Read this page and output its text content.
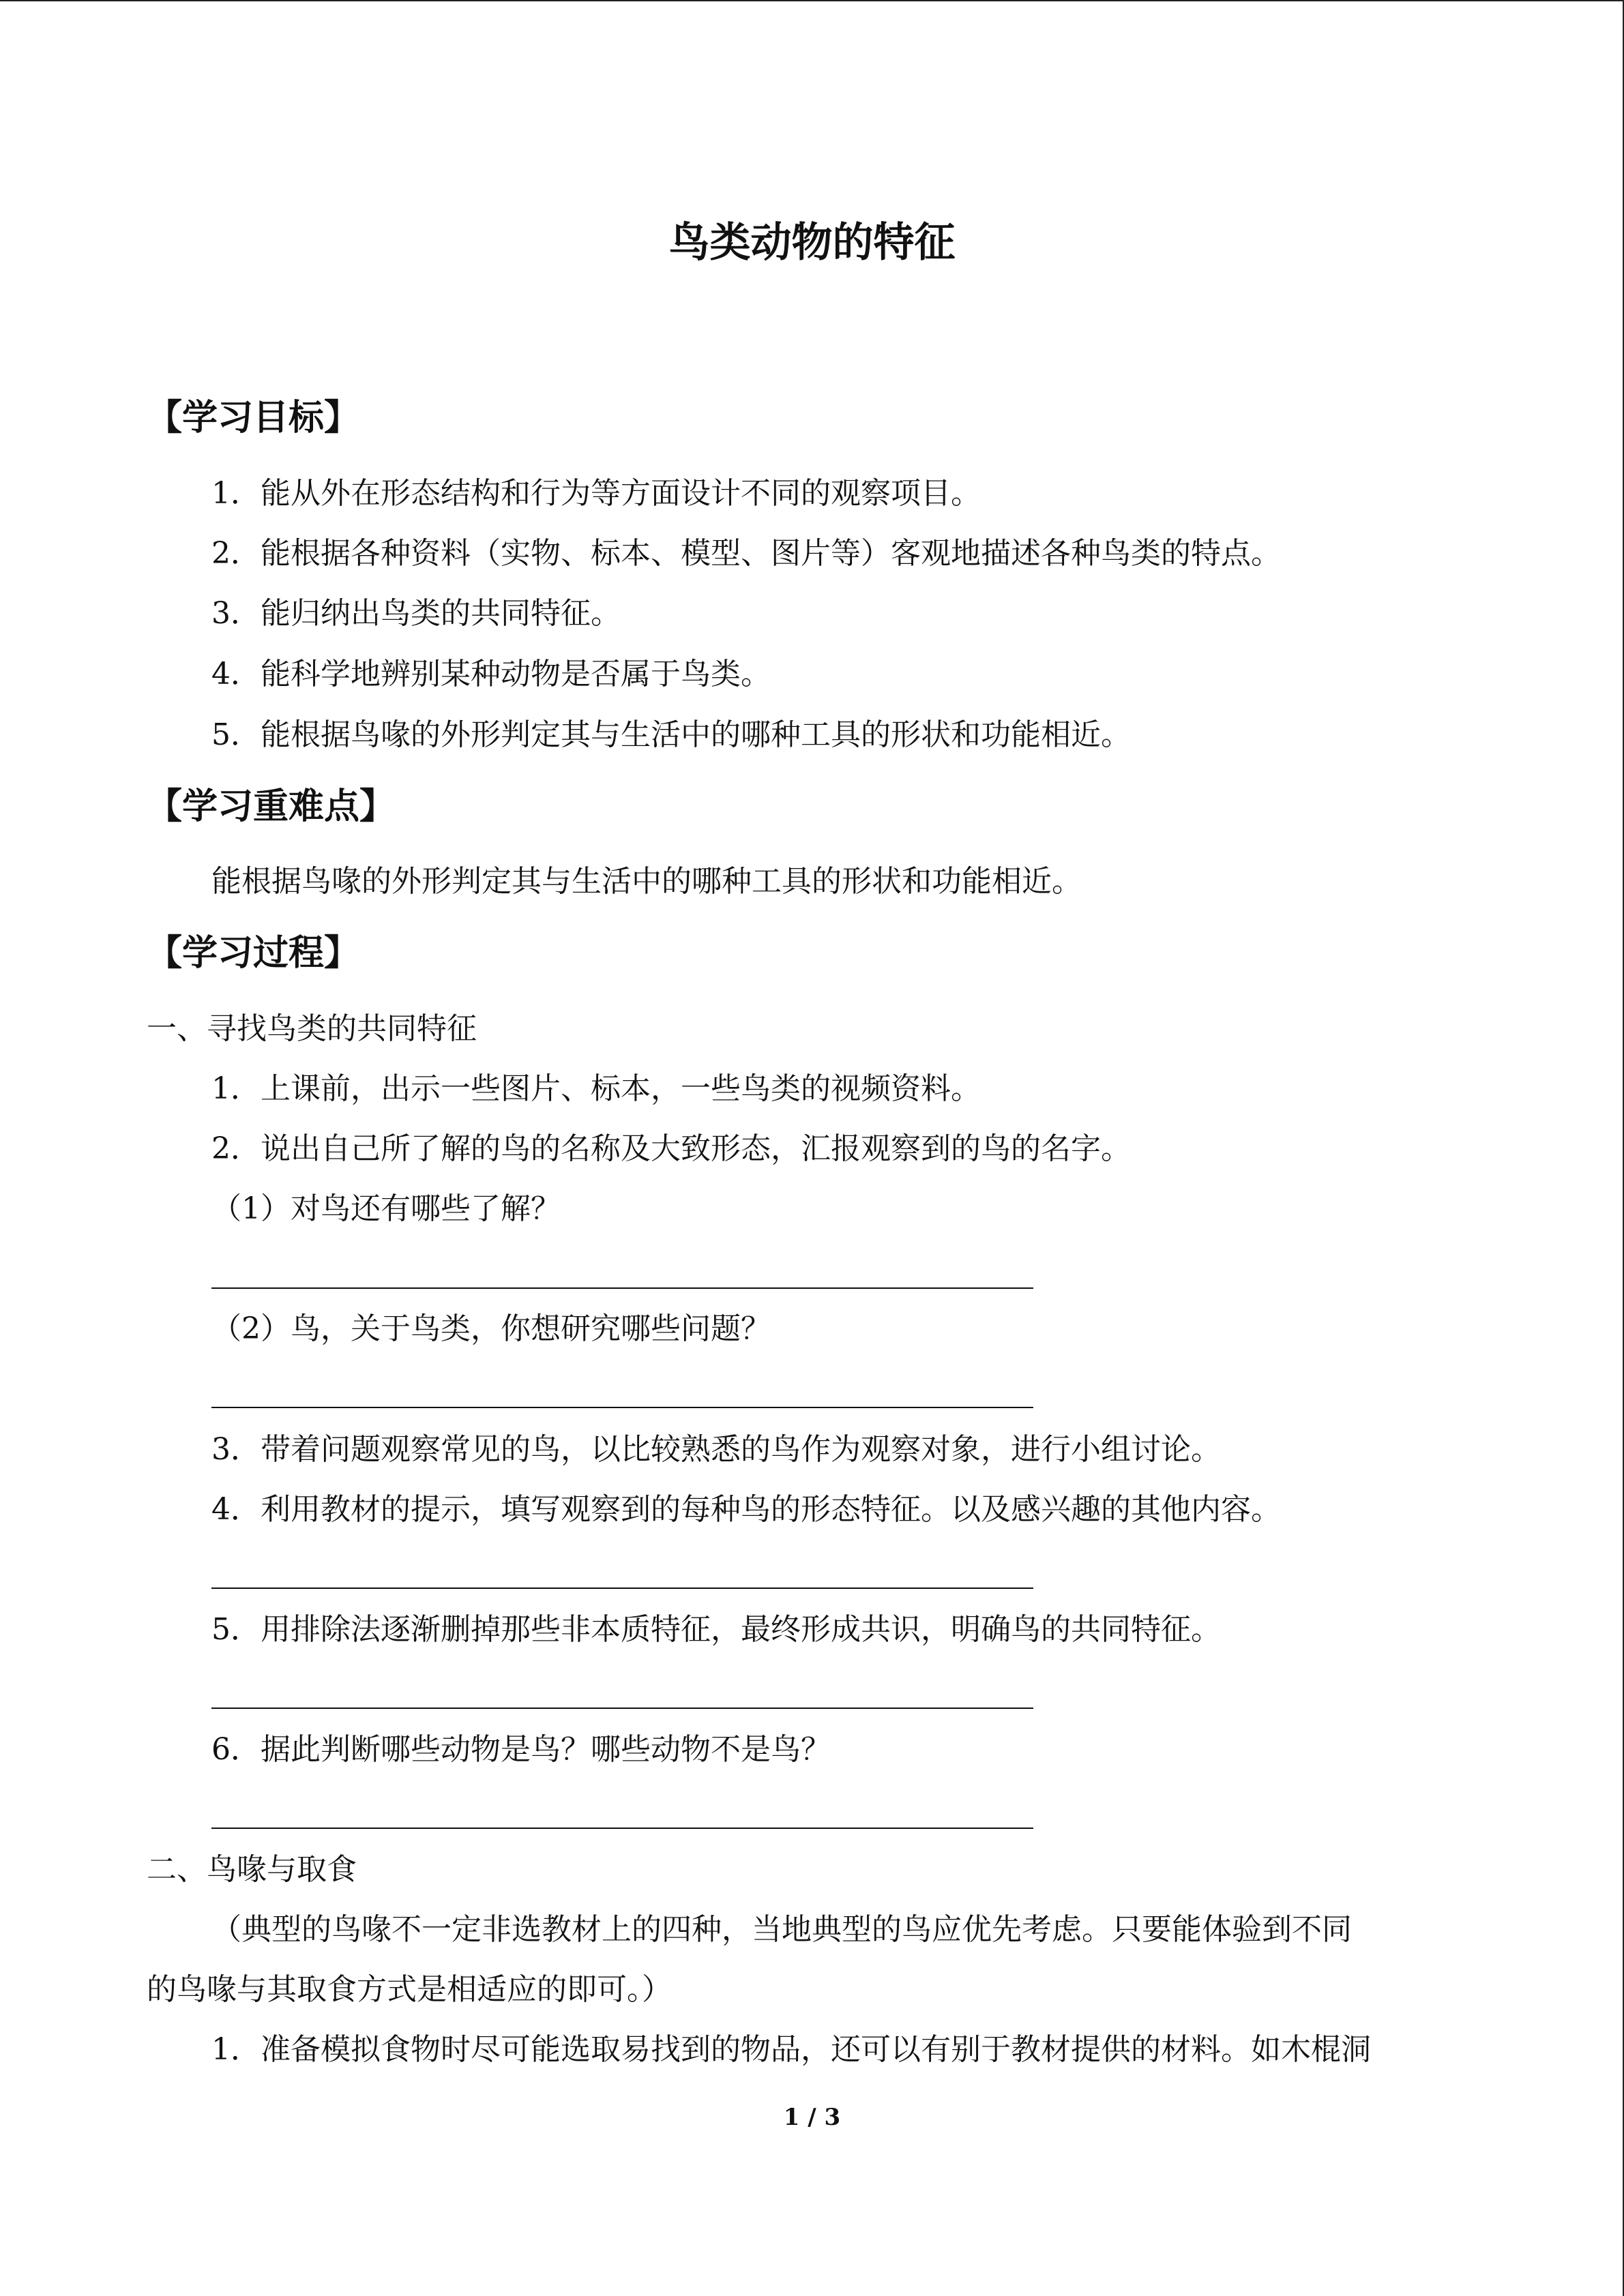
鸟类动物的特征
【学习目标】
1．能从外在形态结构和行为等方面设计不同的观察项目。
2．能根据各种资料（实物、标本、模型、图片等）客观地描述各种鸟类的特点。
3．能归纳出鸟类的共同特征。
4．能科学地辨别某种动物是否属于鸟类。
5．能根据鸟喙的外形判定其与生活中的哪种工具的形状和功能相近。
【学习重难点】
能根据鸟喙的外形判定其与生活中的哪种工具的形状和功能相近。
【学习过程】
一、寻找鸟类的共同特征
1．上课前，出示一些图片、标本，一些鸟类的视频资料。
2．说出自己所了解的鸟的名称及大致形态，汇报观察到的鸟的名字。
（1）对鸟还有哪些了解？
（2）鸟，关于鸟类，你想研究哪些问题？
3．带着问题观察常见的鸟，以比较熟悉的鸟作为观察对象，进行小组讨论。
4．利用教材的提示，填写观察到的每种鸟的形态特征。以及感兴趣的其他内容。
5．用排除法逐渐删掉那些非本质特征，最终形成共识，明确鸟的共同特征。
6．据此判断哪些动物是鸟？哪些动物不是鸟？
二、鸟喙与取食
（典型的鸟喙不一定非选教材上的四种，当地典型的鸟应优先考虑。只要能体验到不同
的鸟喙与其取食方式是相适应的即可。）
1．准备模拟食物时尽可能选取易找到的物品，还可以有别于教材提供的材料。如木棍洞
1 / 3
